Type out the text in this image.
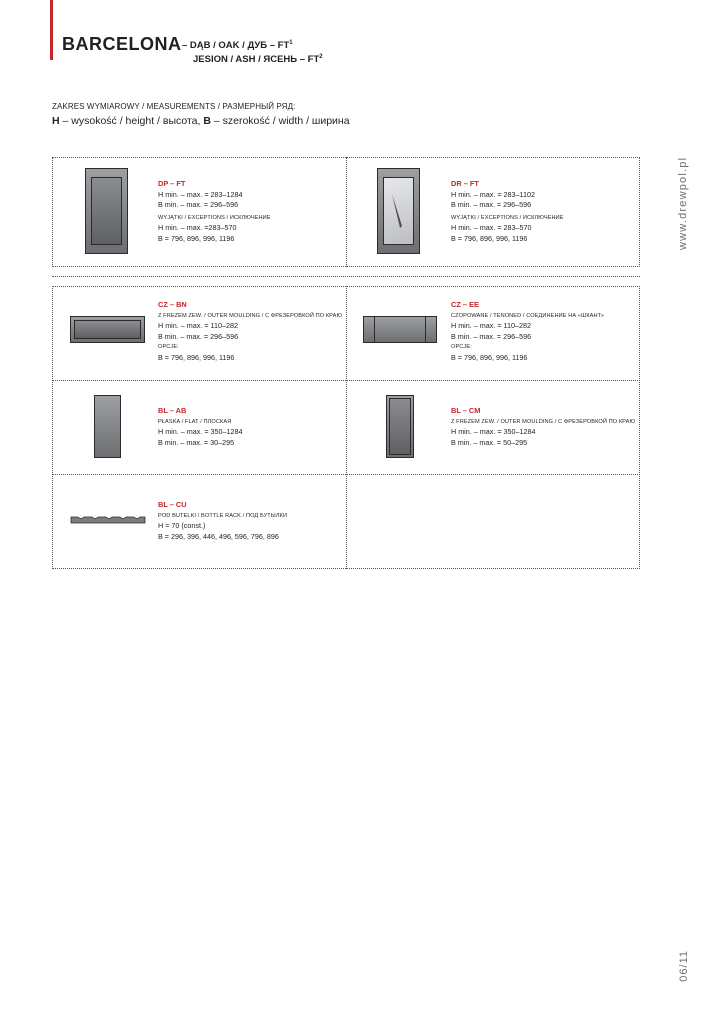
BARCELONA – DĄB / OAK / ДУБ – $FT^1$
JESION / ASH / ЯСЕНЬ – $FT^2$
ZAKRES WYMIAROWY / MEASUREMENTS / РАЗМЕРНЫЙ РЯД:
H – wysokość / height / высота, B – szerokość / width / ширина
www.drewpol.pl
06/11
DP – FT
H min. – max. = 283–1284
B min. – max. = 296–596
WYJĄTKI / EXCEPTIONS / ИСКЛЮЧЕНИЕ
H min. – max. =283–570
B = 796, 896, 996, 1196
DR – FT
H min. – max. = 283–1102
B min. – max. = 296–596
WYJĄTKI / EXCEPTIONS / ИСКЛЮЧЕНИЕ
H min. – max. = 283–570
B = 796, 896, 996, 1196
CZ – BN
Z FREZEM ZEW. / OUTER MOULDING / С ФРЕЗЕРОВКОЙ ПО КРАЮ
H min. – max. = 110–282
B min. – max. = 296–596
OPCJE:
B = 796, 896, 996, 1196
CZ – EE
CZOPOWANE / TENONED / СОЕДИНЕНИЕ НА «ШКАНТ»
H min. – max. = 110–282
B min. – max. = 296–596
OPCJE:
B = 796, 896, 996, 1196
BL – AB
PŁASKA / FLAT / ПЛОСКАЯ
H min. – max. = 350–1284
B min. – max. = 30–295
BL – CM
Z FREZEM ZEW. / OUTER MOULDING / С ФРЕЗЕРОВКОЙ ПО КРАЮ
H min. – max. = 350–1284
B min. – max. = 50–295
BL – CU
POD BUTELKI / BOTTLE RACK / ПОД БУТЫЛКИ
H = 70 (const.)
B = 296, 396, 446, 496, 596, 796, 896
